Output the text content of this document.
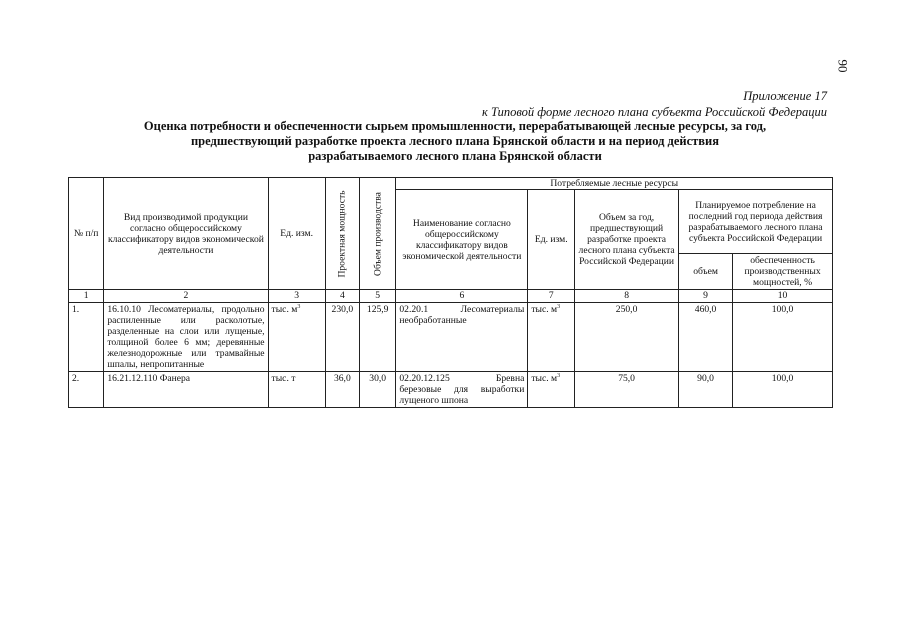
90
Приложение 17
к Типовой форме лесного плана субъекта Российской Федерации
Оценка потребности и обеспеченности сырьем промышленности, перерабатывающей лесные ресурсы, за год,
предшествующий разработке проекта лесного плана Брянской области и на период действия
разрабатываемого лесного плана Брянской области
№ п/п	Вид производимой продукции согласно общероссийскому классификатору видов экономической деятельности	Ед. изм.	Проектная мощность	Объем производства	Потребляемые лесные ресурсы				
					Наименование согласно общероссийскому классификатору видов экономической деятельности	Ед. изм.	Объем за год, предшествующий разработке проекта лесного плана субъекта Российской Федерации	Планируемое потребление на последний год периода действия разрабатываемого лесного плана субъекта Российской Федерации	
								объем	обеспеченность производственных мощностей, %
1	2	3	4	5	6	7	8	9	10
1.	16.10.10 Лесоматериалы, продольно распиленные или расколотые, разделенные на слои или лущеные, толщиной более 6 мм; деревянные железнодорожные или трамвайные шпалы, непропитанные	тыс. $м^3$	230,0	125,9	02.20.1 Лесоматериалы необработанные	тыс. $м^3$	250,0	460,0	100,0
2.	16.21.12.110 Фанера	тыс. т	36,0	30,0	02.20.12.125 Бревна березовые для выработки лущеного шпона	тыс. $м^3$	75,0	90,0	100,0
